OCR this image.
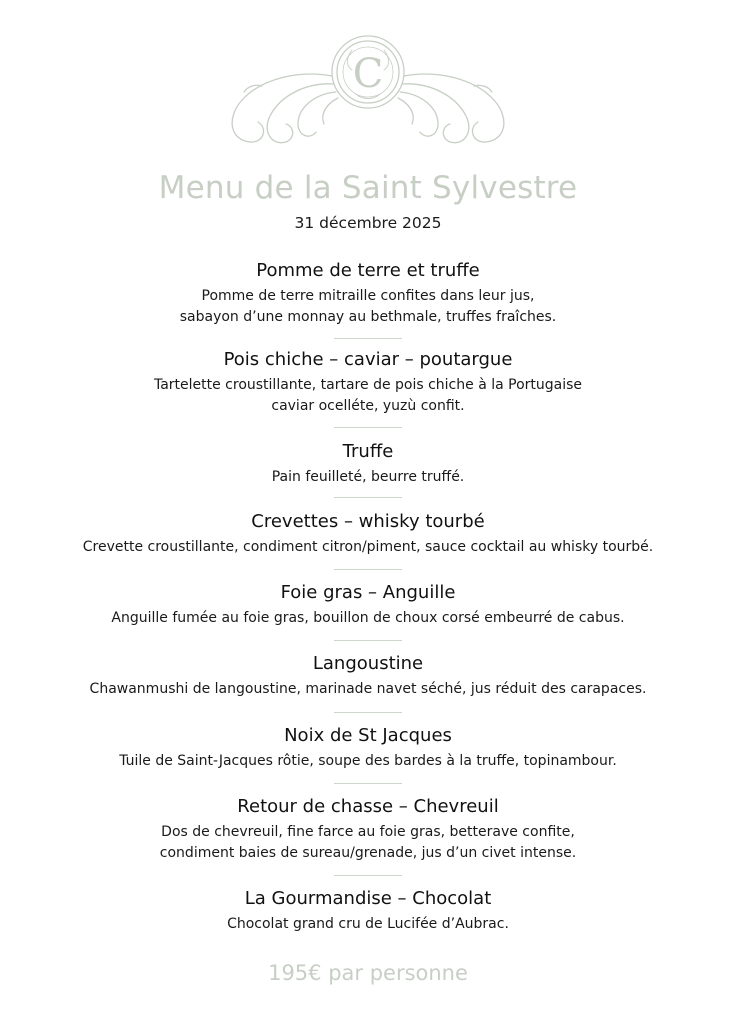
C
Menu de la Saint Sylvestre
31 décembre 2025
Pomme de terre et truffe
Pomme de terre mitraille confites dans leur jus,
sabayon d’une monnay au bethmale, truffes fraîches.
Pois chiche – caviar – poutargue
Tartelette croustillante, tartare de pois chiche à la Portugaise
caviar ocelléte, yuzù confit.
Truffe
Pain feuilleté, beurre truffé.
Crevettes – whisky tourbé
Crevette croustillante, condiment citron/piment, sauce cocktail au whisky tourbé.
Foie gras – Anguille
Anguille fumée au foie gras, bouillon de choux corsé embeurré de cabus.
Langoustine
Chawanmushi de langoustine, marinade navet séché, jus réduit des carapaces.
Noix de St Jacques
Tuile de Saint-Jacques rôtie, soupe des bardes à la truffe, topinambour.
Retour de chasse – Chevreuil
Dos de chevreuil, fine farce au foie gras, betterave confite,
condiment baies de sureau/grenade, jus d’un civet intense.
La Gourmandise – Chocolat
Chocolat grand cru de Lucifée d’Aubrac.
195€ par personne
